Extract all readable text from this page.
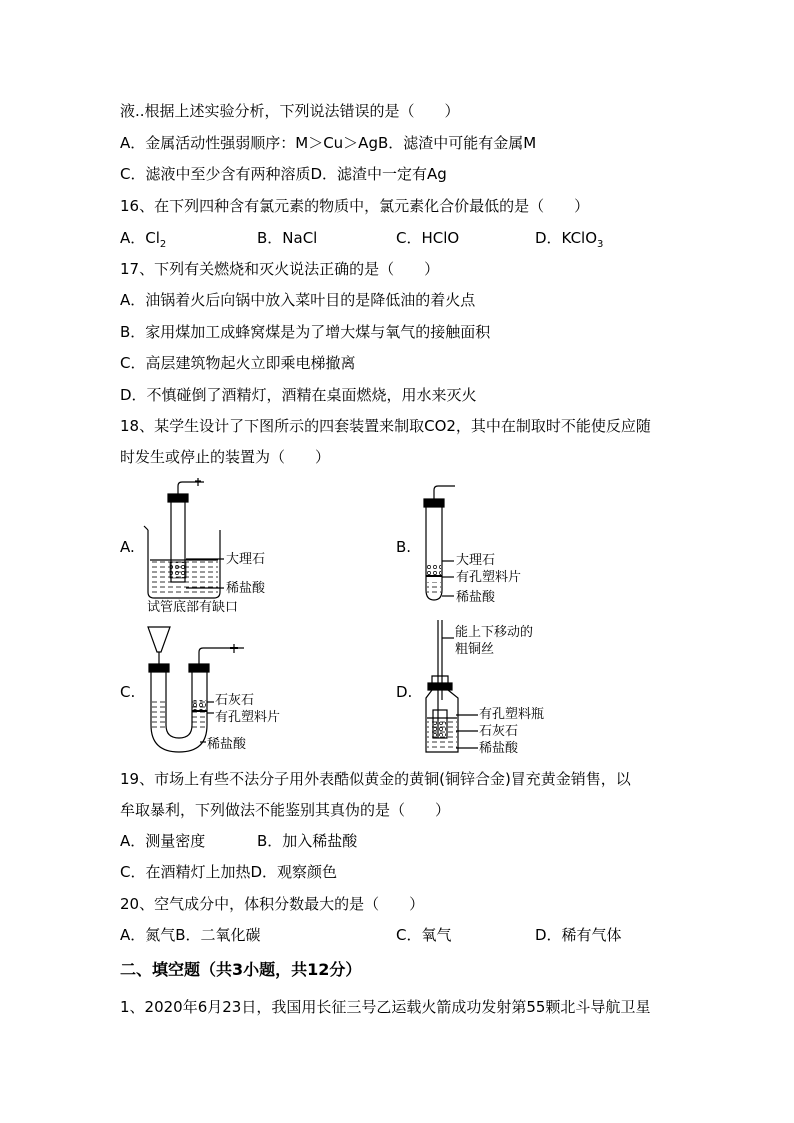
液..根据上述实验分析，下列说法错误的是（　　）
A．金属活动性强弱顺序：M＞Cu＞AgB．滤渣中可能有金属M
C．滤液中至少含有两种溶质D．滤渣中一定有Ag
16、在下列四种含有氯元素的物质中，氯元素化合价最低的是（　　）
A．$Cl_2$	B．NaCl	C．HClO	D．KClO$_3$
17、下列有关燃烧和灭火说法正确的是（　　）
A．油锅着火后向锅中放入菜叶目的是降低油的着火点
B．家用煤加工成蜂窝煤是为了增大煤与氧气的接触面积
C．高层建筑物起火立即乘电梯撤离
D．不慎碰倒了酒精灯，酒精在桌面燃烧，用水来灭火
18、某学生设计了下图所示的四套装置来制取CO2，其中在制取时不能使反应随
时发生或停止的装置为（　　）
A.
大理石
稀盐酸
试管底部有缺口
B.
大理石
有孔塑料片
稀盐酸
C.	石灰石
有孔塑料片
稀盐酸
D.
能上下移动的
粗铜丝
有孔塑料瓶
石灰石
稀盐酸
19、市场上有些不法分子用外表酷似黄金的黄铜(铜锌合金)冒充黄金销售，以
牟取暴利，下列做法不能鉴别其真伪的是（　　）
A．测量密度	B．加入稀盐酸
C．在酒精灯上加热D．观察颜色
20、空气成分中，体积分数最大的是（　　）
A．氮气B．二氧化碳	C．氧气	D．稀有气体
二、填空题（共3小题，共12分）
1、2020年6月23日，我国用长征三号乙运载火箭成功发射第55颗北斗导航卫星
